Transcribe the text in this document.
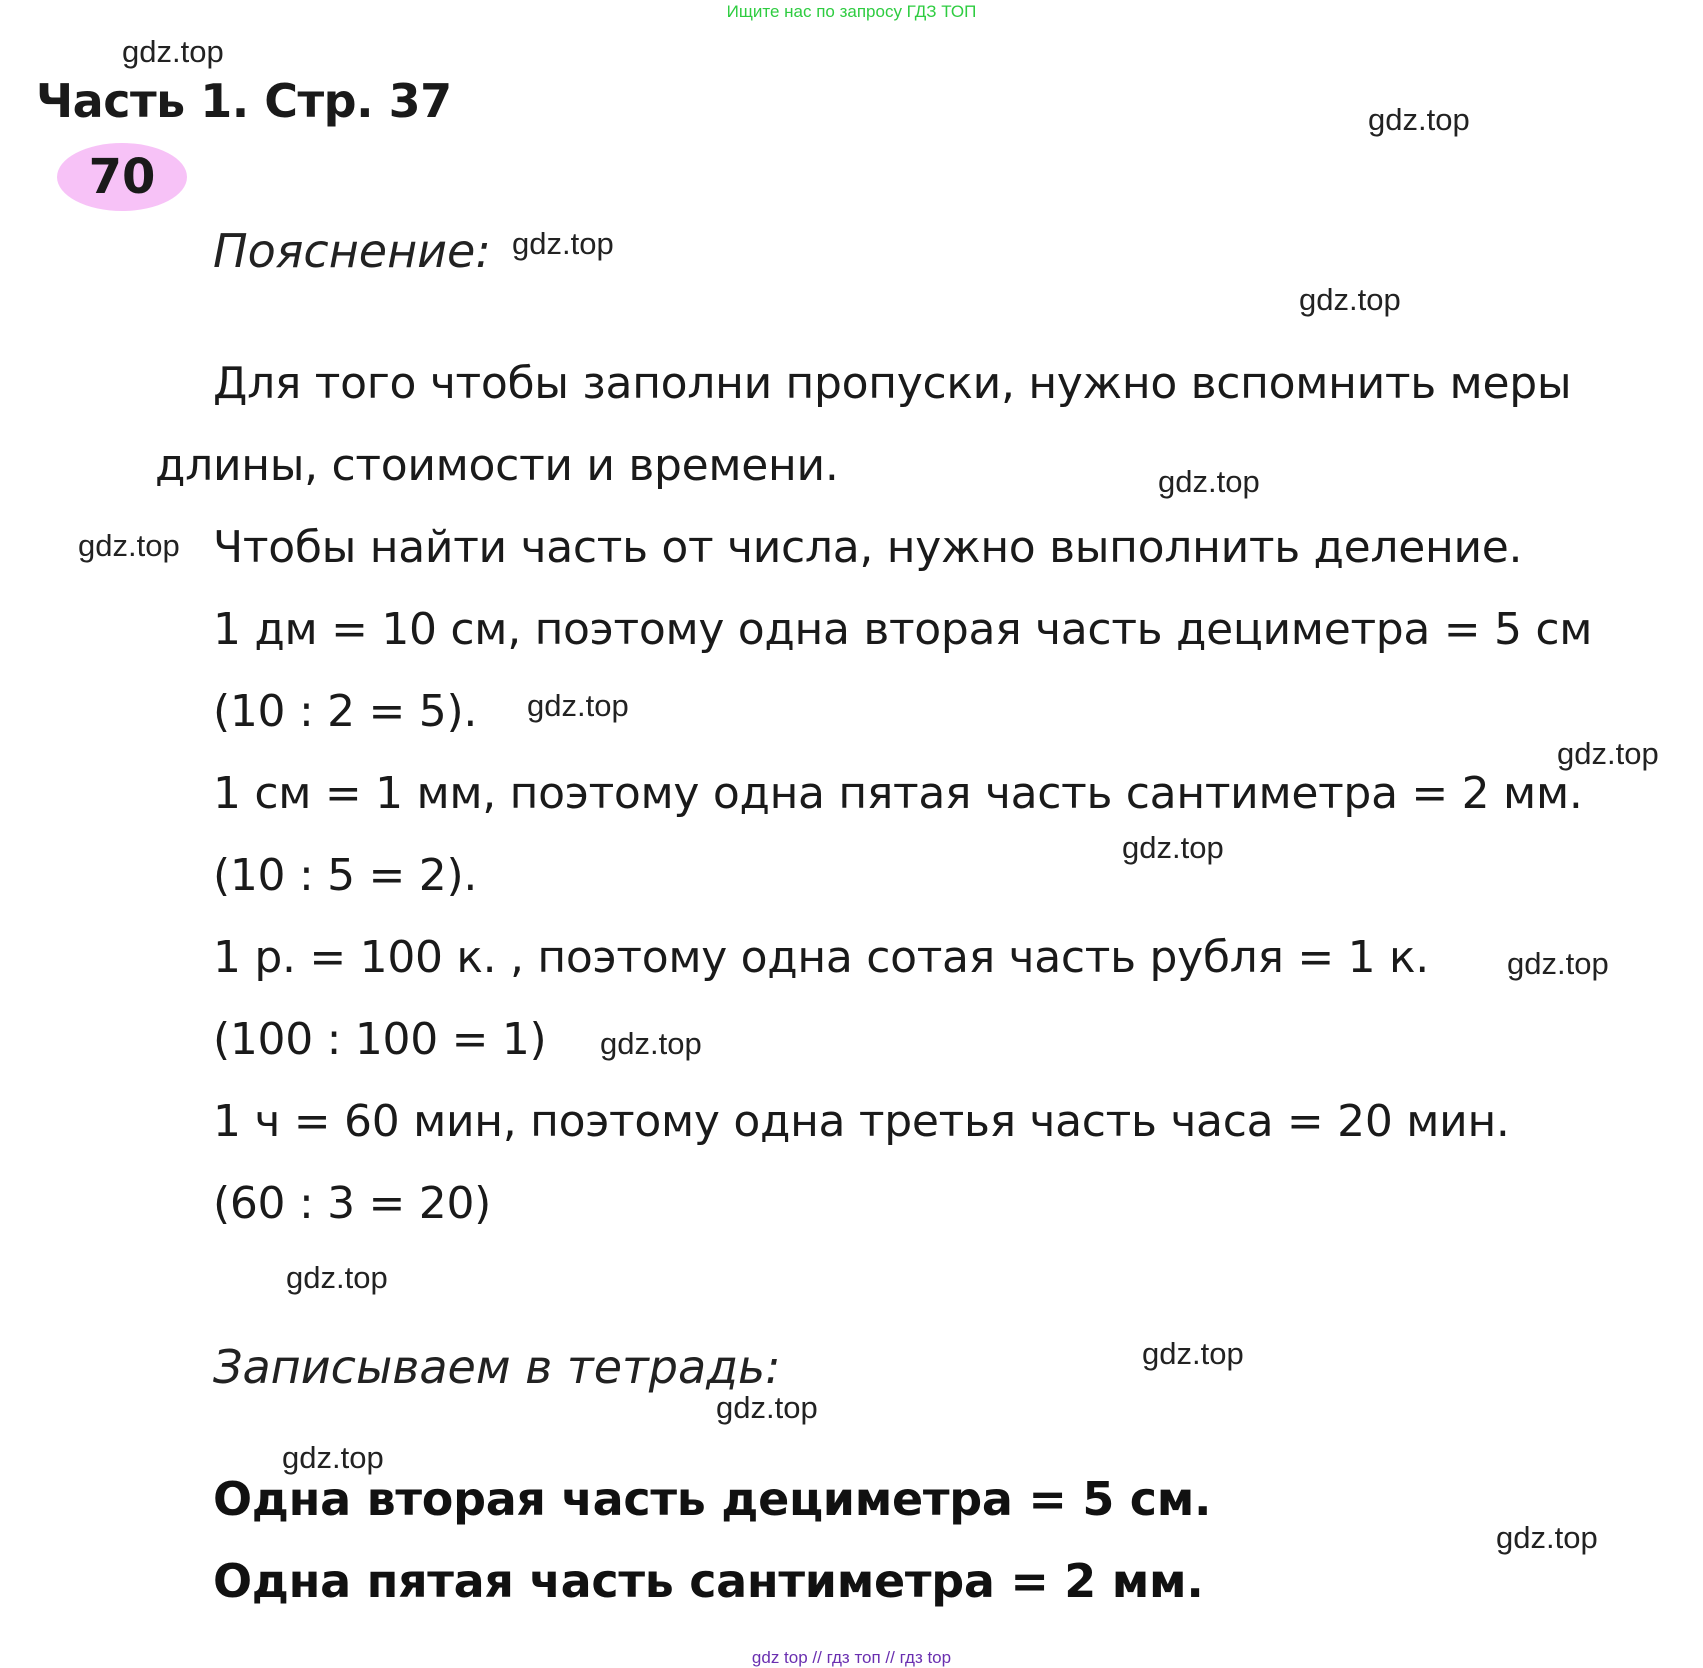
Ищите нас по запросу ГДЗ ТОП
Часть 1. Стр. 37
70
Пояснение:
Для того чтобы заполни пропуски, нужно вспомнить меры
длины, стоимости и времени.
Чтобы найти часть от числа, нужно выполнить деление.
1 дм = 10 см, поэтому одна вторая часть дециметра = 5 см
(10 : 2 = 5).
1 см = 1 мм, поэтому одна пятая часть сантиметра = 2 мм.
(10 : 5 = 2).
1 р. = 100 к. , поэтому одна сотая часть рубля = 1 к.
(100 : 100 = 1)
1 ч = 60 мин, поэтому одна третья часть часа = 20 мин.
(60 : 3 = 20)
Записываем в тетрадь:
Одна вторая часть дециметра = 5 см.
Одна пятая часть сантиметра = 2 мм.
gdz.top
gdz.top
gdz.top
gdz.top
gdz.top
gdz.top
gdz.top
gdz.top
gdz.top
gdz.top
gdz.top
gdz.top
gdz.top
gdz.top
gdz.top
gdz.top
gdz top // гдз топ // гдз top
